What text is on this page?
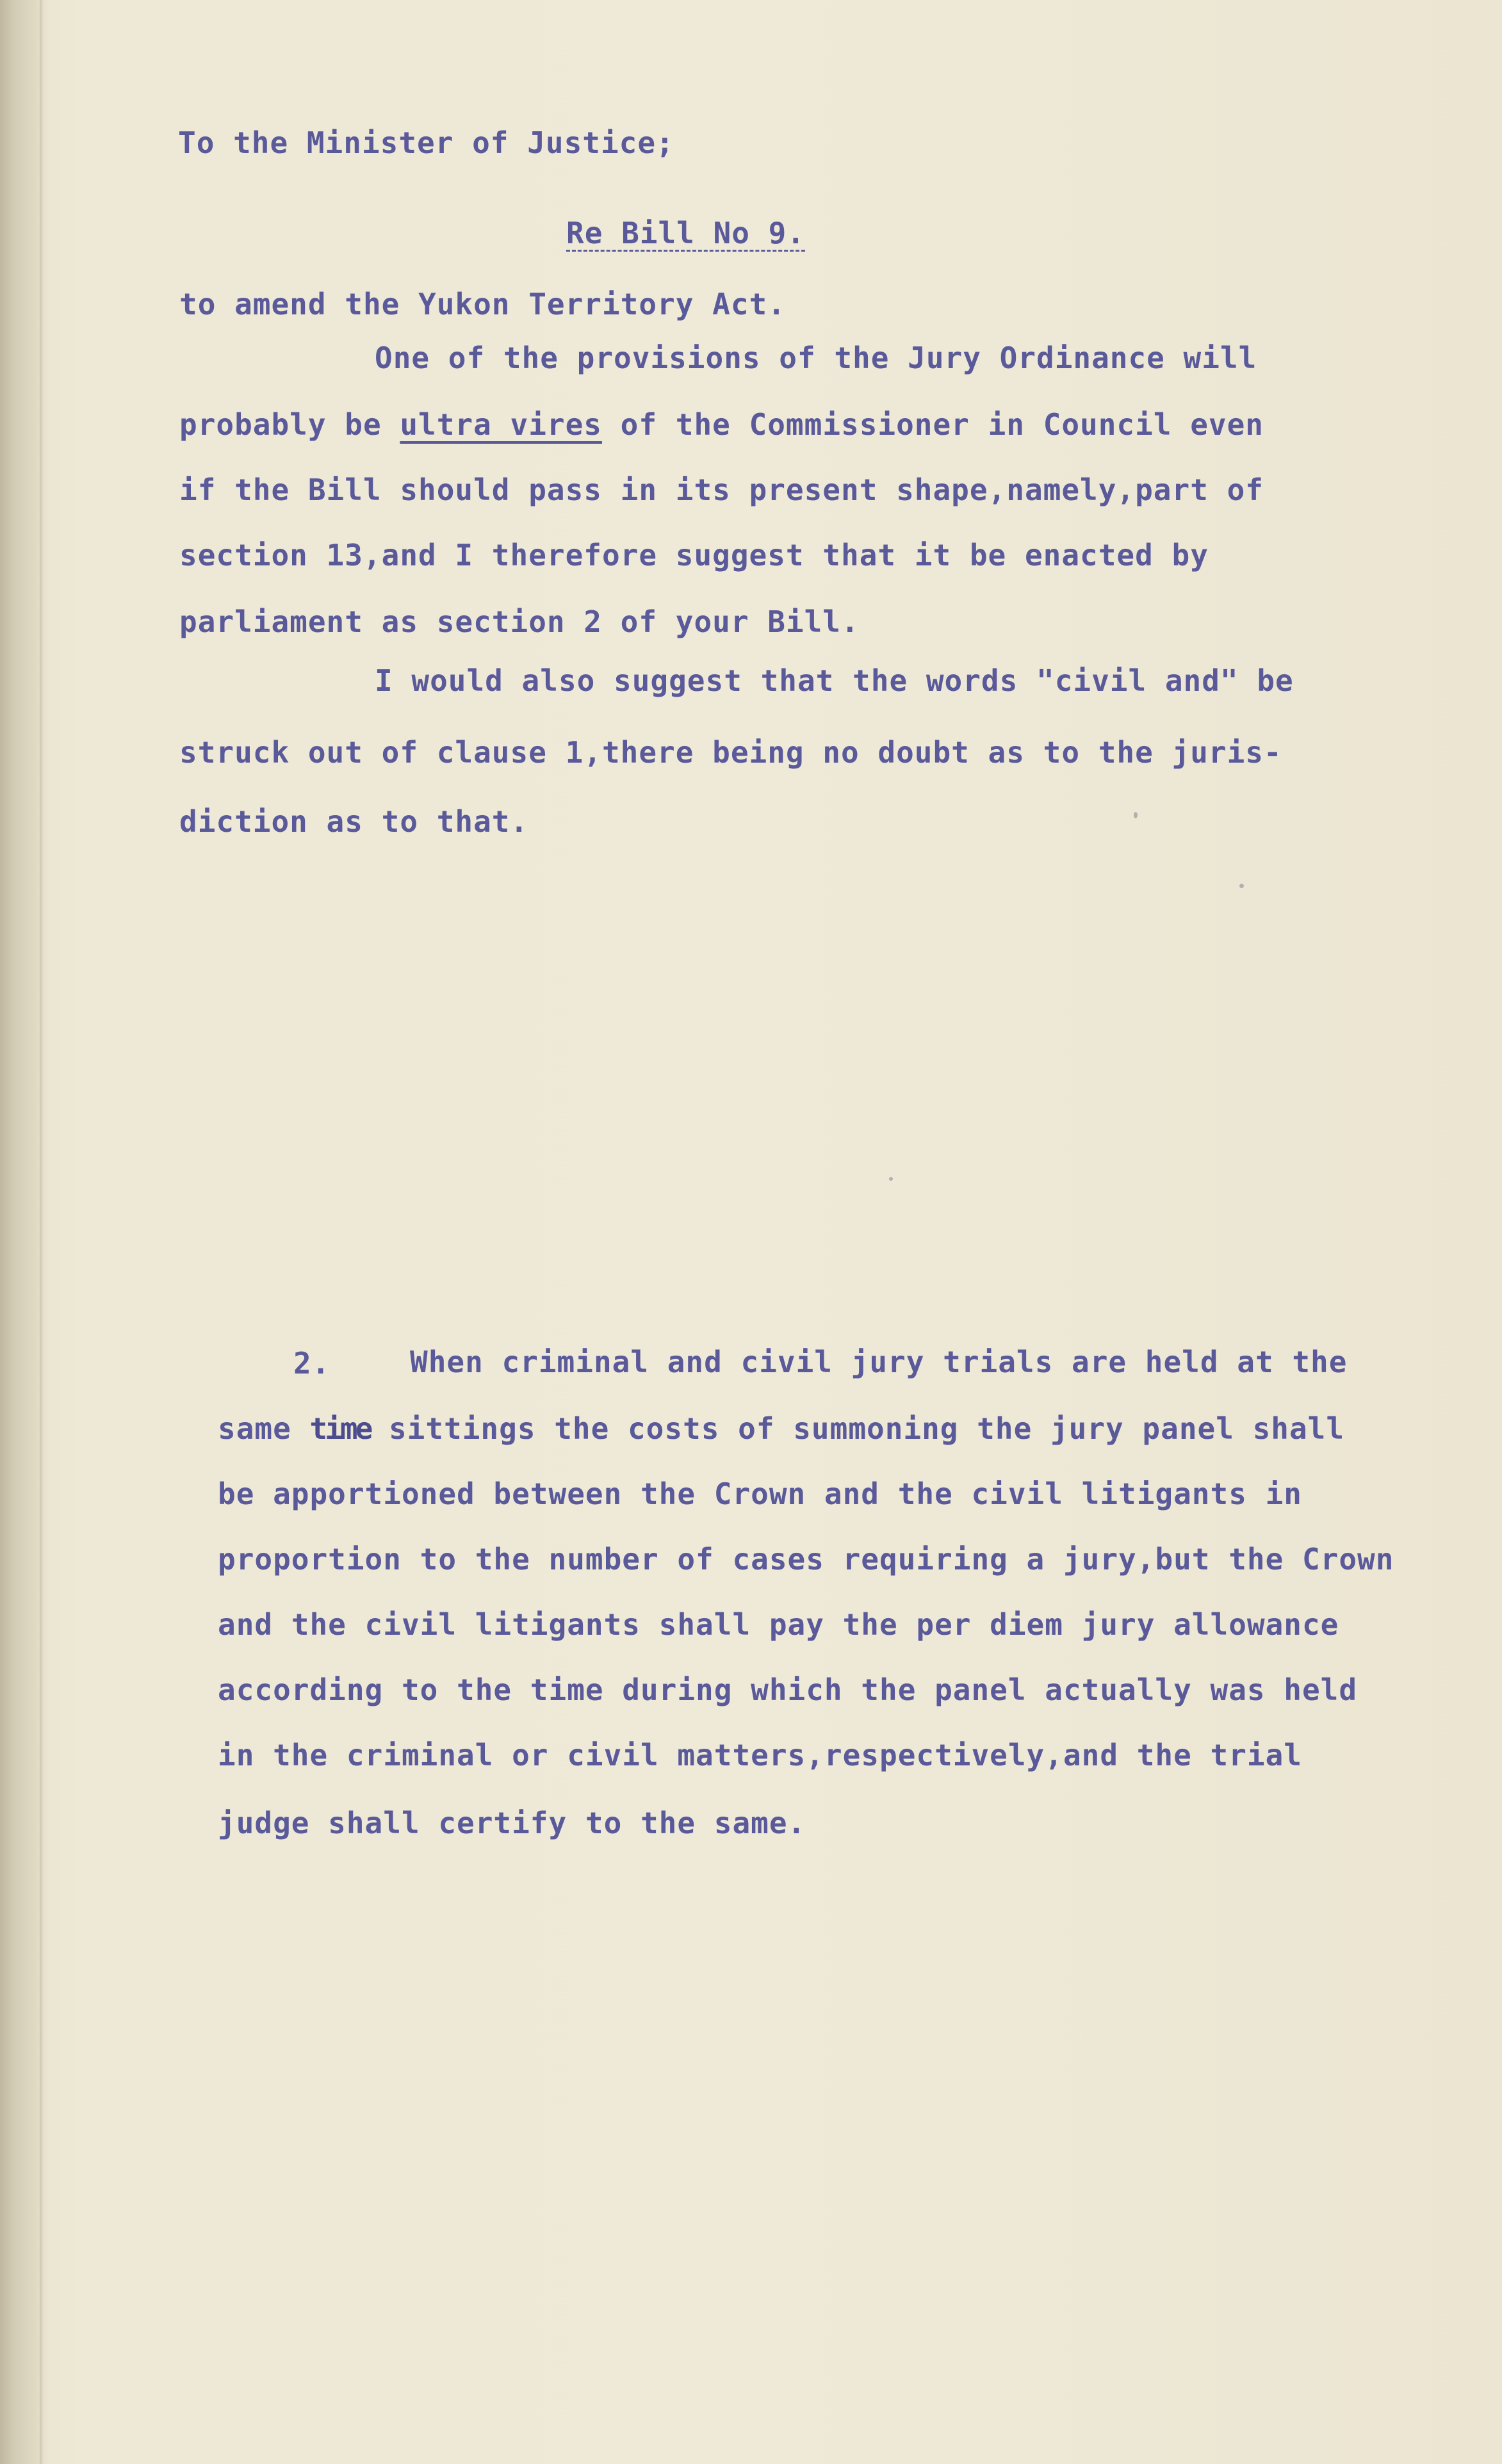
To the Minister of Justice;

Re Bill No 9.

to amend the Yukon Territory Act.

One of the provisions of the Jury Ordinance will

probably be ultra vires of the Commissioner in Council even

if the Bill should pass in its present shape,namely,part of

section 13,and I therefore suggest that it be enacted by

parliament as section 2 of your Bill.

I would also suggest that the words "civil and" be

struck out of clause 1,there being no doubt as to the juris-

diction as to that.

2.	When criminal and civil jury trials are held at the

same time sittings the costs of summoning the jury panel shall

be apportioned between the Crown and the civil litigants in

proportion to the number of cases requiring a jury,but the Crown

and the civil litigants shall pay the per diem jury allowance

according to the time during which the panel actually was held

in the criminal or civil matters,respectively,and the trial

judge shall certify to the same.
